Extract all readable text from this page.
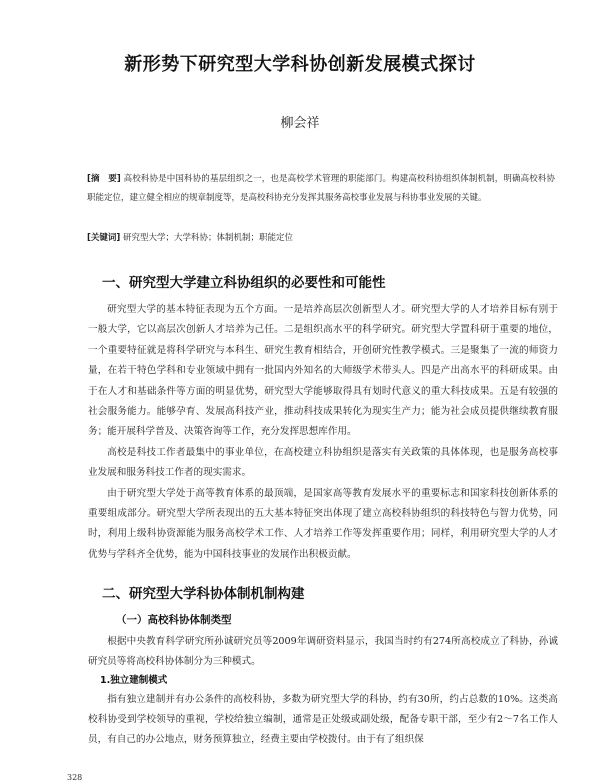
新形势下研究型大学科协创新发展模式探讨
柳会祥
[摘　要] 高校科协是中国科协的基层组织之一，也是高校学术管理的职能部门。构建高校科协组织体制机制，明确高校科协职能定位，建立健全相应的规章制度等，是高校科协充分发挥其服务高校事业发展与科协事业发展的关键。
[关键词] 研究型大学；大学科协；体制机制；职能定位
一、研究型大学建立科协组织的必要性和可能性

研究型大学的基本特征表现为五个方面。一是培养高层次创新型人才。研究型大学的人才培养目标有别于一般大学，它以高层次创新人才培养为己任。二是组织高水平的科学研究。研究型大学置科研于重要的地位，一个重要特征就是将科学研究与本科生、研究生教育相结合，开创研究性教学模式。三是聚集了一流的师资力量，在若干特色学科和专业领域中拥有一批国内外知名的大师级学术带头人。四是产出高水平的科研成果。由于在人才和基础条件等方面的明显优势，研究型大学能够取得具有划时代意义的重大科技成果。五是有较强的社会服务能力。能够孕育、发展高科技产业，推动科技成果转化为现实生产力；能为社会成员提供继续教育服务；能开展科学普及、决策咨询等工作，充分发挥思想库作用。

高校是科技工作者最集中的事业单位，在高校建立科协组织是落实有关政策的具体体现，也是服务高校事业发展和服务科技工作者的现实需求。

由于研究型大学处于高等教育体系的最顶端，是国家高等教育发展水平的重要标志和国家科技创新体系的重要组成部分。研究型大学所表现出的五大基本特征突出体现了建立高校科协组织的科技特色与智力优势，同时，利用上级科协资源能为服务高校学术工作、人才培养工作等发挥重要作用；同样，利用研究型大学的人才优势与学科齐全优势，能为中国科技事业的发展作出积极贡献。

二、研究型大学科协体制机制构建
（一）高校科协体制类型

根据中央教育科学研究所孙诚研究员等2009年调研资料显示，我国当时约有274所高校成立了科协，孙诚研究员等将高校科协体制分为三种模式。

1.独立建制模式

指有独立建制并有办公条件的高校科协，多数为研究型大学的科协，约有30所，约占总数的10%。这类高校科协受到学校领导的重视，学校给独立编制，通常是正处级或副处级，配备专职干部，至少有2～7名工作人员，有自己的办公地点，财务预算独立，经费主要由学校拨付。由于有了组织保

328
